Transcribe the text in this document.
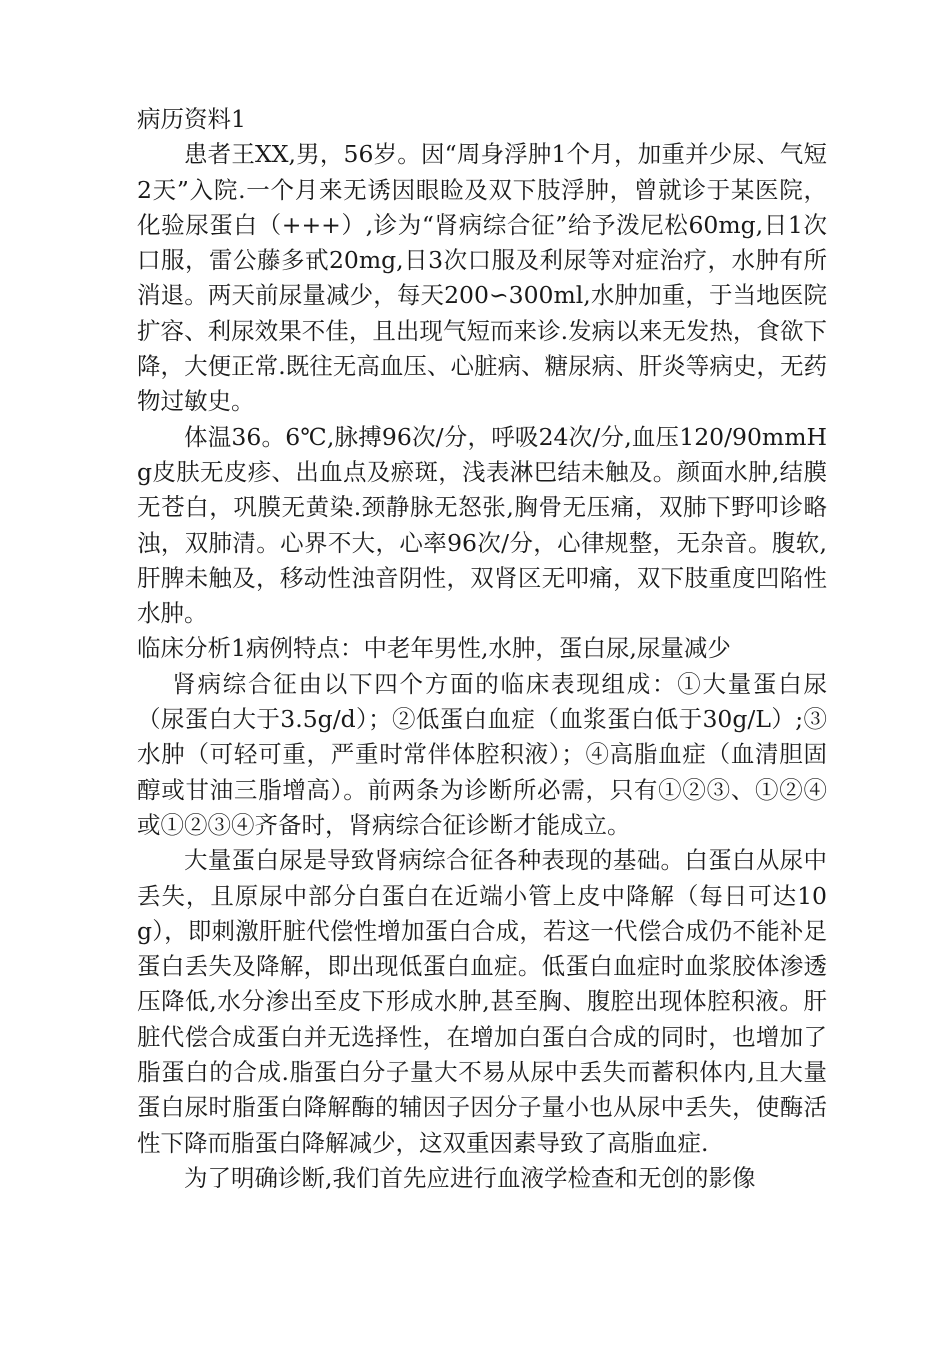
病历资料1

患者王XX,男，56岁。因“周身浮肿1个月，加重并少尿、气短2天”入院.一个月来无诱因眼睑及双下肢浮肿，曾就诊于某医院，化验尿蛋白（+++）,诊为“肾病综合征”给予泼尼松60mg,日1次口服，雷公藤多甙20mg,日3次口服及利尿等对症治疗，水肿有所消退。两天前尿量减少，每天200∽300ml,水肿加重，于当地医院扩容、利尿效果不佳，且出现气短而来诊.发病以来无发热，食欲下降，大便正常.既往无高血压、心脏病、糖尿病、肝炎等病史，无药物过敏史。

体温36。6℃,脉搏96次/分，呼吸24次/分,血压120/90mmHg皮肤无皮疹、出血点及瘀斑，浅表淋巴结未触及。颜面水肿,结膜无苍白，巩膜无黄染.颈静脉无怒张,胸骨无压痛，双肺下野叩诊略浊，双肺清。心界不大，心率96次/分，心律规整，无杂音。腹软,肝脾未触及，移动性浊音阴性，双肾区无叩痛，双下肢重度凹陷性水肿。

临床分析1病例特点：中老年男性,水肿，蛋白尿,尿量减少

肾病综合征由以下四个方面的临床表现组成：①大量蛋白尿（尿蛋白大于3.5g/d）；②低蛋白血症（血浆蛋白低于30g/L）;③水肿（可轻可重，严重时常伴体腔积液）；④高脂血症（血清胆固醇或甘油三脂增高）。前两条为诊断所必需，只有①②③、①②④或①②③④齐备时，肾病综合征诊断才能成立。

大量蛋白尿是导致肾病综合征各种表现的基础。白蛋白从尿中丢失，且原尿中部分白蛋白在近端小管上皮中降解（每日可达10g），即刺激肝脏代偿性增加蛋白合成，若这一代偿合成仍不能补足蛋白丢失及降解，即出现低蛋白血症。低蛋白血症时血浆胶体渗透压降低,水分渗出至皮下形成水肿,甚至胸、腹腔出现体腔积液。肝脏代偿合成蛋白并无选择性，在增加白蛋白合成的同时，也增加了脂蛋白的合成.脂蛋白分子量大不易从尿中丢失而蓄积体内,且大量蛋白尿时脂蛋白降解酶的辅因子因分子量小也从尿中丢失，使酶活性下降而脂蛋白降解减少，这双重因素导致了高脂血症.

为了明确诊断,我们首先应进行血液学检查和无创的影像
